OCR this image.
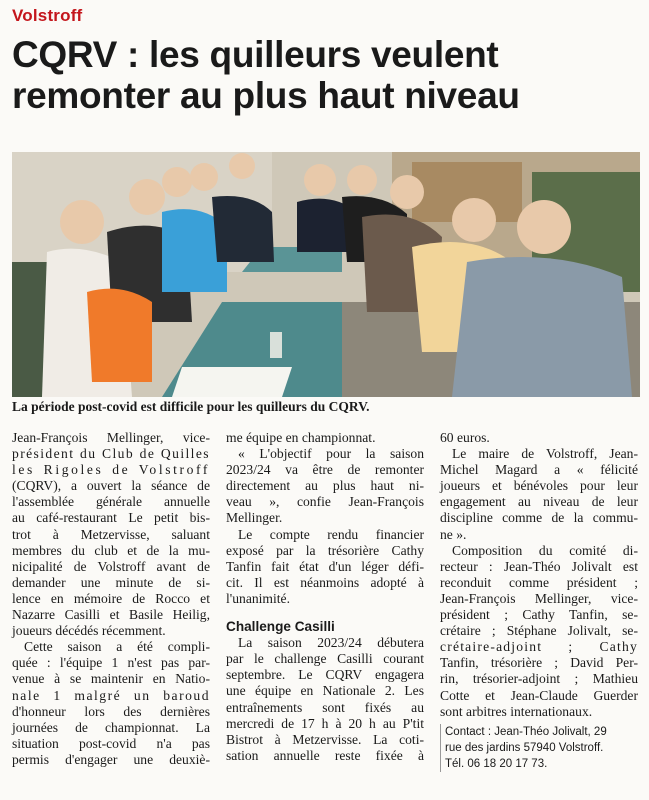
Volstroff
CQRV : les quilleurs veulent
remonter au plus haut niveau
La période post-covid est difficile pour les quilleurs du CQRV.
Jean-François Mellinger, vice-
président du Club de Quilles
les Rigoles de Volstroff
(CQRV), a ouvert la séance de
l'assemblée générale annuelle
au café-restaurant Le petit bis-
trot à Metzervisse, saluant
membres du club et de la mu-
nicipalité de Volstroff avant de
demander une minute de si-
lence en mémoire de Rocco et
Nazarre Casilli et Basile Heilig,
joueurs décédés récemment.
Cette saison a été compli-
quée : l'équipe 1 n'est pas par-
venue à se maintenir en Natio-
nale 1 malgré un baroud
d'honneur lors des dernières
journées de championnat. La
situation post-covid n'a pas
permis d'engager une deuxiè-
me équipe en championnat.
« L'objectif pour la saison
2023/24 va être de remonter
directement au plus haut ni-
veau », confie Jean-François
Mellinger.
Le compte rendu financier
exposé par la trésorière Cathy
Tanfin fait état d'un léger défi-
cit. Il est néanmoins adopté à
l'unanimité.
Challenge Casilli
La saison 2023/24 débutera
par le challenge Casilli courant
septembre. Le CQRV engagera
une équipe en Nationale 2. Les
entraînements sont fixés au
mercredi de 17 h à 20 h au P'tit
Bistrot à Metzervisse. La coti-
sation annuelle reste fixée à
60 euros.
Le maire de Volstroff, Jean-
Michel Magard a « félicité
joueurs et bénévoles pour leur
engagement au niveau de leur
discipline comme de la commu-
ne ».
Composition du comité di-
recteur : Jean-Théo Jolivalt est
reconduit comme président ;
Jean-François Mellinger, vice-
président ; Cathy Tanfin, se-
crétaire ; Stéphane Jolivalt, se-
crétaire-adjoint ; Cathy
Tanfin, trésorière ; David Per-
rin, trésorier-adjoint ; Mathieu
Cotte et Jean-Claude Guerder
sont arbitres internationaux.
Contact : Jean-Théo Jolivalt, 29
rue des jardins 57940 Volstroff.
Tél. 06 18 20 17 73.
